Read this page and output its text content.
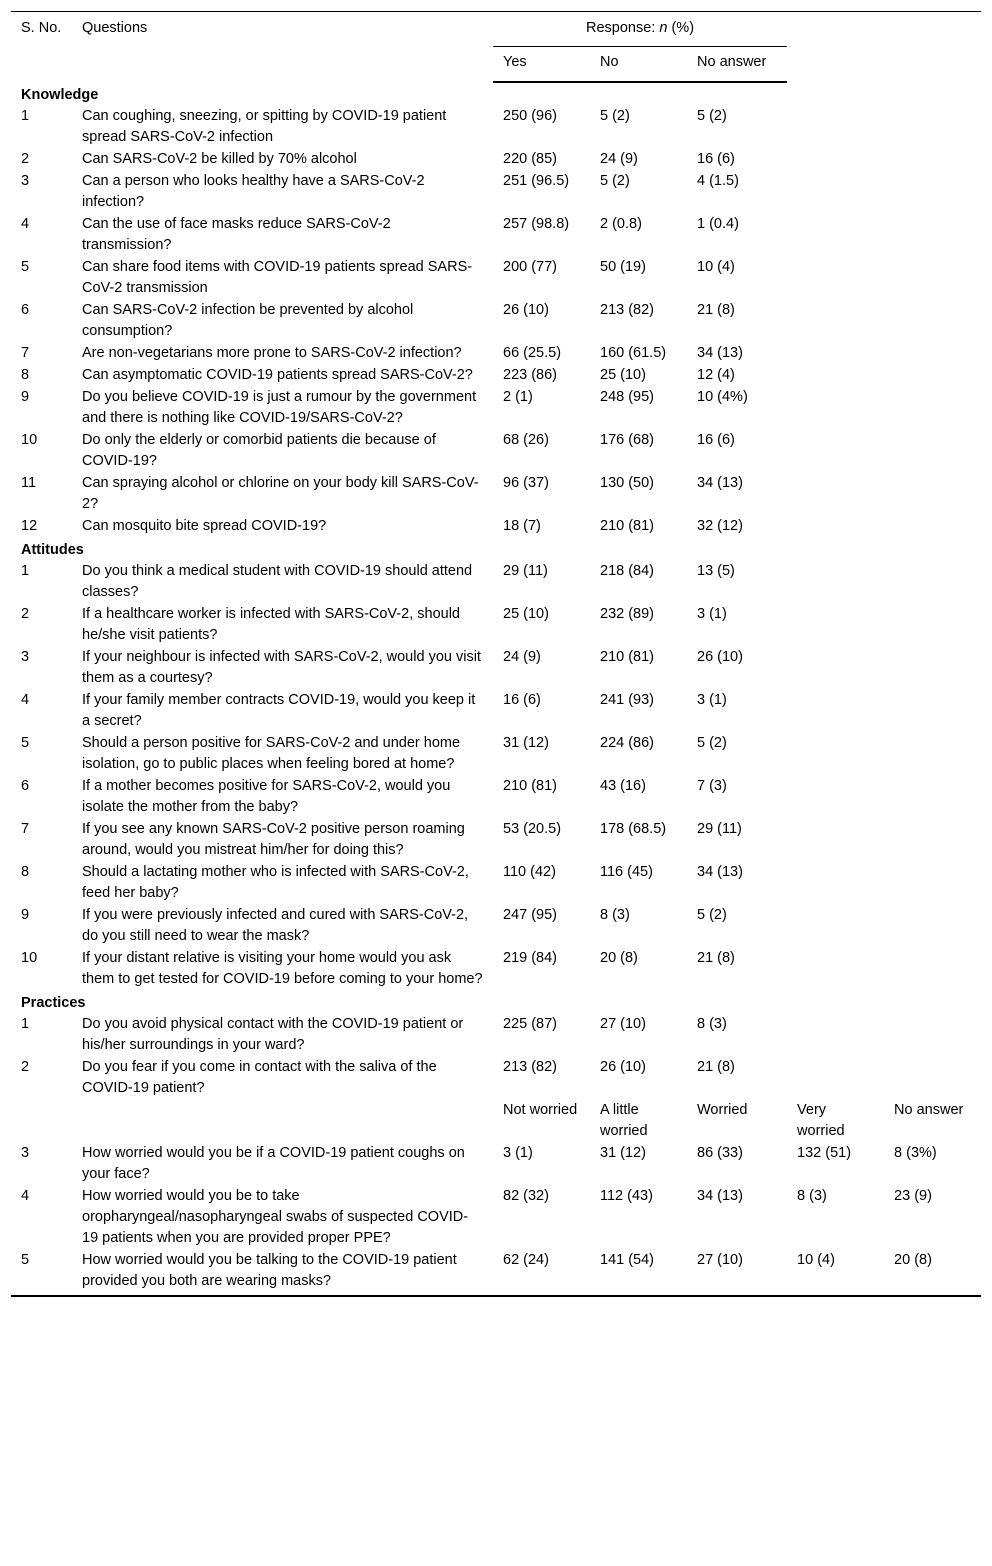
S. No.	Questions	Response: n (%)				

		Yes	No	No answer		
Knowledge						
1	Can coughing, sneezing, or spitting by COVID-19 patient spread SARS-CoV-2 infection	250 (96)	5 (2)	5 (2)		
2	Can SARS-CoV-2 be killed by 70% alcohol	220 (85)	24 (9)	16 (6)		
3	Can a person who looks healthy have a SARS-CoV-2 infection?	251 (96.5)	5 (2)	4 (1.5)		
4	Can the use of face masks reduce SARS-CoV-2 transmission?	257 (98.8)	2 (0.8)	1 (0.4)		
5	Can share food items with COVID-19 patients spread SARS-CoV-2 transmission	200 (77)	50 (19)	10 (4)		
6	Can SARS-CoV-2 infection be prevented by alcohol consumption?	26 (10)	213 (82)	21 (8)		
7	Are non-vegetarians more prone to SARS-CoV-2 infection?	66 (25.5)	160 (61.5)	34 (13)		
8	Can asymptomatic COVID-19 patients spread SARS-CoV-2?	223 (86)	25 (10)	12 (4)		
9	Do you believe COVID-19 is just a rumour by the government and there is nothing like COVID-19/SARS-CoV-2?	2 (1)	248 (95)	10 (4%)		
10	Do only the elderly or comorbid patients die because of COVID-19?	68 (26)	176 (68)	16 (6)		
11	Can spraying alcohol or chlorine on your body kill SARS-CoV-2?	96 (37)	130 (50)	34 (13)		
12	Can mosquito bite spread COVID-19?	18 (7)	210 (81)	32 (12)		
Attitudes						
1	Do you think a medical student with COVID-19 should attend classes?	29 (11)	218 (84)	13 (5)		
2	If a healthcare worker is infected with SARS-CoV-2, should he/she visit patients?	25 (10)	232 (89)	3 (1)		
3	If your neighbour is infected with SARS-CoV-2, would you visit them as a courtesy?	24 (9)	210 (81)	26 (10)		
4	If your family member contracts COVID-19, would you keep it a secret?	16 (6)	241 (93)	3 (1)		
5	Should a person positive for SARS-CoV-2 and under home isolation, go to public places when feeling bored at home?	31 (12)	224 (86)	5 (2)		
6	If a mother becomes positive for SARS-CoV-2, would you isolate the mother from the baby?	210 (81)	43 (16)	7 (3)		
7	If you see any known SARS-CoV-2 positive person roaming around, would you mistreat him/her for doing this?	53 (20.5)	178 (68.5)	29 (11)		
8	Should a lactating mother who is infected with SARS-CoV-2, feed her baby?	110 (42)	116 (45)	34 (13)		
9	If you were previously infected and cured with SARS-CoV-2, do you still need to wear the mask?	247 (95)	8 (3)	5 (2)		
10	If your distant relative is visiting your home would you ask them to get tested for COVID-19 before coming to your home?	219 (84)	20 (8)	21 (8)		
Practices						
1	Do you avoid physical contact with the COVID-19 patient or his/her surroundings in your ward?	225 (87)	27 (10)	8 (3)		
2	Do you fear if you come in contact with the saliva of the COVID-19 patient?	213 (82)	26 (10)	21 (8)		
		Not worried	A little worried	Worried	Very worried	No answer
3	How worried would you be if a COVID-19 patient coughs on your face?	3 (1)	31 (12)	86 (33)	132 (51)	8 (3%)
4	How worried would you be to take oropharyngeal/nasopharyngeal swabs of suspected COVID-19 patients when you are provided proper PPE?	82 (32)	112 (43)	34 (13)	8 (3)	23 (9)
5	How worried would you be talking to the COVID-19 patient provided you both are wearing masks?	62 (24)	141 (54)	27 (10)	10 (4)	20 (8)
